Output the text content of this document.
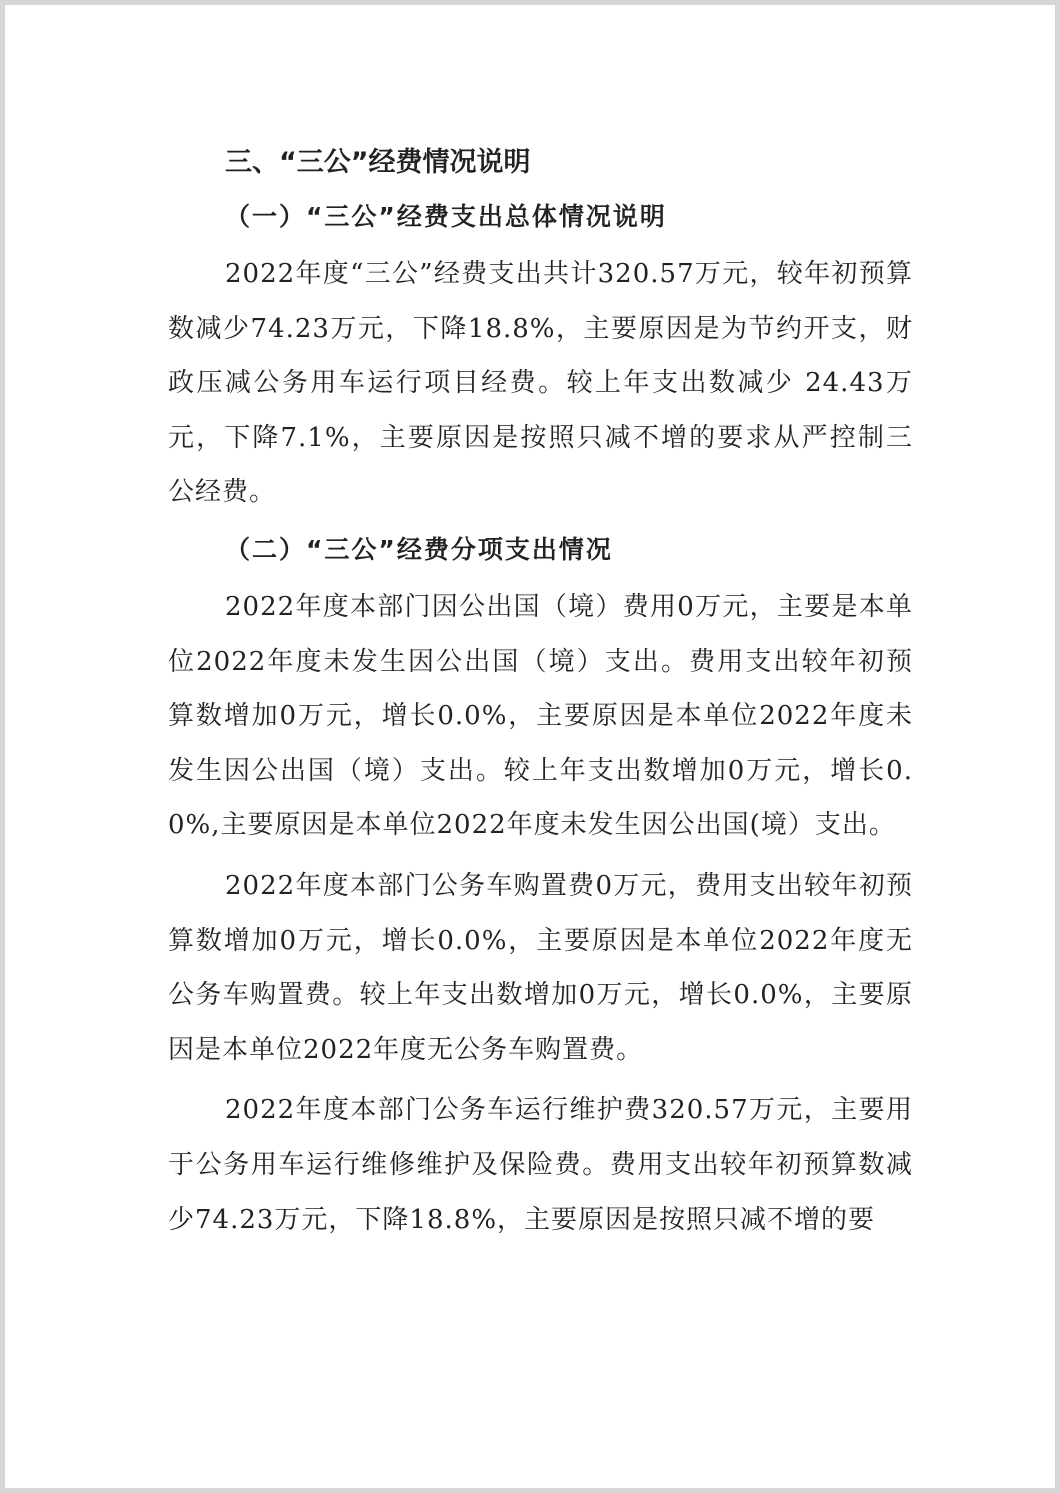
三、“三公”经费情况说明
（一）“三公”经费支出总体情况说明

2022年度“三公”经费支出共计320.57万元，较年初预算数减少74.23万元，下降18.8%，主要原因是为节约开支，财政压减公务用车运行项目经费。较上年支出数减少 24.43万元，下降7.1%，主要原因是按照只减不增的要求从严控制三公经费。

（二）“三公”经费分项支出情况

2022年度本部门因公出国（境）费用0万元，主要是本单位2022年度未发生因公出国（境）支出。费用支出较年初预算数增加0万元，增长0.0%，主要原因是本单位2022年度未发生因公出国（境）支出。较上年支出数增加0万元，增长0.0%,主要原因是本单位2022年度未发生因公出国(境）支出。

2022年度本部门公务车购置费0万元，费用支出较年初预算数增加0万元，增长0.0%，主要原因是本单位2022年度无公务车购置费。较上年支出数增加0万元，增长0.0%，主要原因是本单位2022年度无公务车购置费。

2022年度本部门公务车运行维护费320.57万元，主要用于公务用车运行维修维护及保险费。费用支出较年初预算数减少74.23万元，下降18.8%，主要原因是按照只减不增的要
